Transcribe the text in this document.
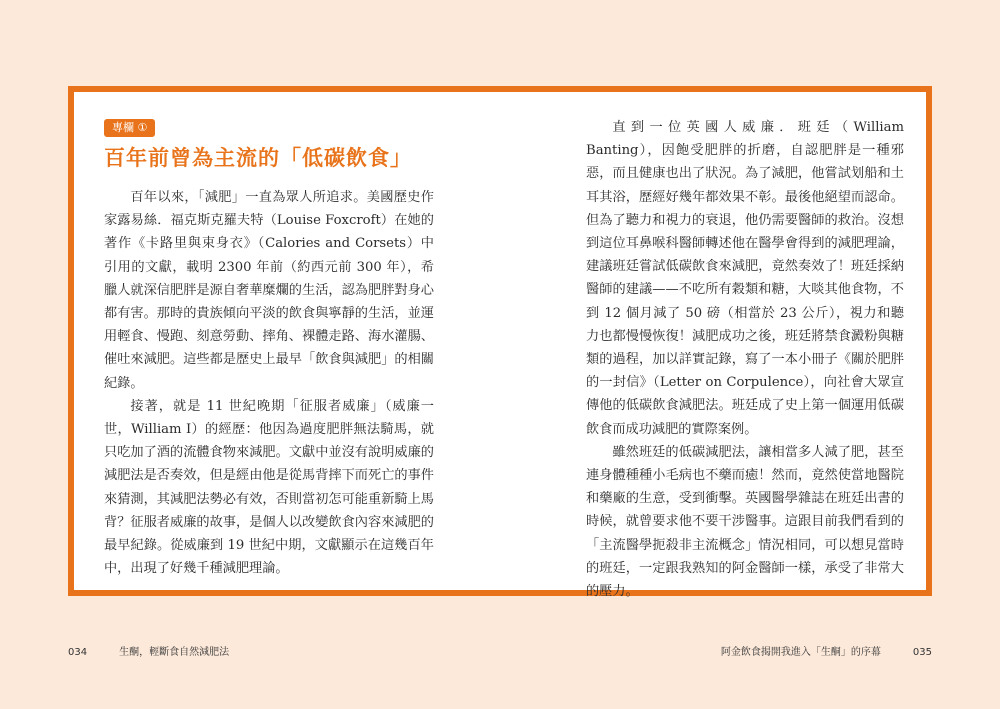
專欄 ①
百年前曾為主流的「低碳飲食」

百年以來，「減肥」一直為眾人所追求。美國歷史作家露易絲．福克斯克羅夫特（Louise Foxcroft）在她的著作《卡路里與束身衣》（Calories and Corsets）中引用的文獻，載明 2300 年前（約西元前 300 年），希臘人就深信肥胖是源自奢華糜爛的生活，認為肥胖對身心都有害。那時的貴族傾向平淡的飲食與寧靜的生活，並運用輕食、慢跑、刻意勞動、摔角、裸體走路、海水灌腸、催吐來減肥。這些都是歷史上最早「飲食與減肥」的相關紀錄。

接著，就是 11 世紀晚期「征服者威廉」（威廉一世，William I）的經歷：他因為過度肥胖無法騎馬，就只吃加了酒的流體食物來減肥。文獻中並沒有說明威廉的減肥法是否奏效，但是經由他是從馬背摔下而死亡的事件來猜測，其減肥法勢必有效，否則當初怎可能重新騎上馬背？征服者威廉的故事，是個人以改變飲食內容來減肥的最早紀錄。從威廉到 19 世紀中期，文獻顯示在這幾百年中，出現了好幾千種減肥理論。

直到一位英國人威廉．班廷（William Banting），因飽受肥胖的折磨，自認肥胖是一種邪惡，而且健康也出了狀況。為了減肥，他嘗試划船和土耳其浴，歷經好幾年都效果不彰。最後他絕望而認命。但為了聽力和視力的衰退，他仍需要醫師的救治。沒想到這位耳鼻喉科醫師轉述他在醫學會得到的減肥理論，建議班廷嘗試低碳飲食來減肥，竟然奏效了！班廷採納醫師的建議——不吃所有穀類和糖，大啖其他食物，不到 12 個月減了 50 磅（相當於 23 公斤），視力和聽力也都慢慢恢復！減肥成功之後，班廷將禁食澱粉與糖類的過程，加以詳實記錄，寫了一本小冊子《關於肥胖的一封信》（Letter on Corpulence），向社會大眾宣傳他的低碳飲食減肥法。班廷成了史上第一個運用低碳飲食而成功減肥的實際案例。

雖然班廷的低碳減肥法，讓相當多人減了肥，甚至連身體種種小毛病也不藥而癒！然而，竟然使當地醫院和藥廠的生意，受到衝擊。英國醫學雜誌在班廷出書的時候，就曾要求他不要干涉醫事。這跟目前我們看到的「主流醫學扼殺非主流概念」情況相同，可以想見當時的班廷，一定跟我熟知的阿金醫師一樣，承受了非常大的壓力。

034	生酮，輕斷食自然減肥法	阿金飲食揭開我進入「生酮」的序幕	035
